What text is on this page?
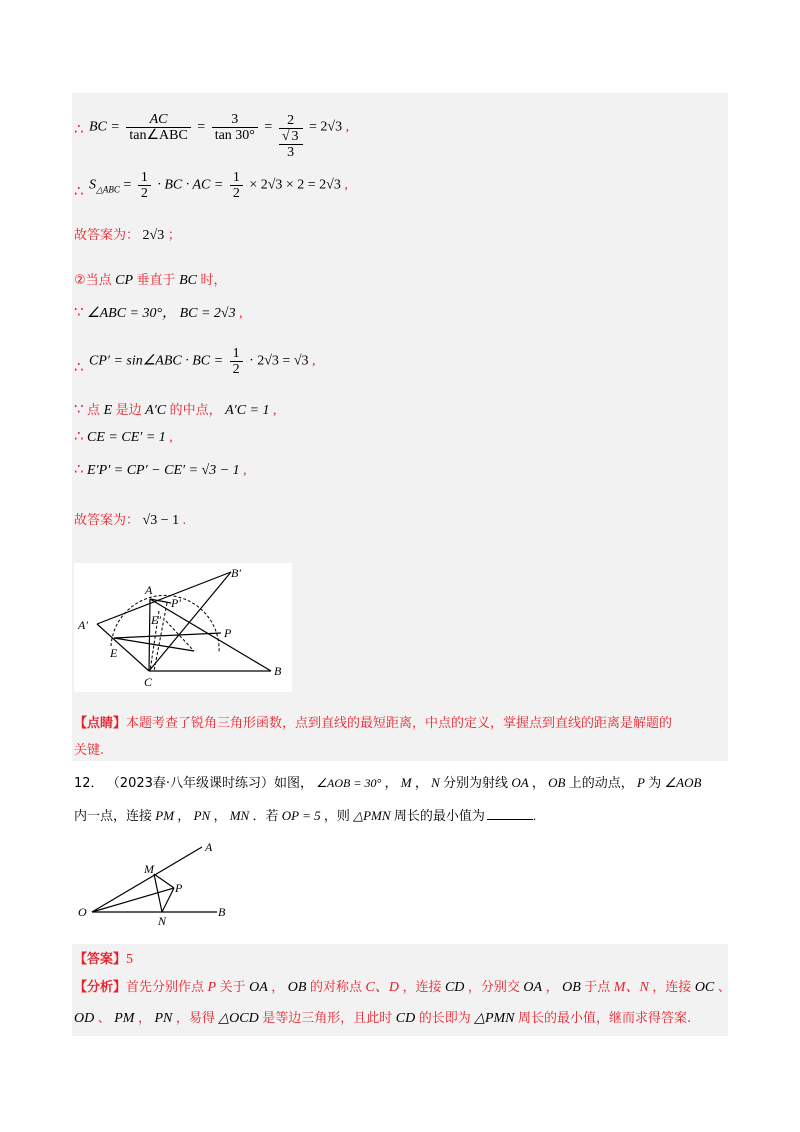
∴ BC = $\frac{AC}{\text{tan∠ABC}} = \frac{3}{\tan 30^\circ}$ =	2
√ 3
3
= 2√3 ,
∴ $S_{\triangle ABC} = \frac{1}{2}$ · BC · AC = $\frac{1}{2} \times 2√3 \times 2 = 2√3$ ,
故答案为： 2√3 ；
②当点 CP 垂直于 BC 时，
∵ ∠ABC = 30°， BC = 2√3 ,
∴ CP′ = sin∠ABC · BC = $\frac{1}{2} \cdot 2√3 = √3$ ,
∵ 点 E 是边 A′C 的中点， A′C = 1 ,
∴ CE = CE′ = 1 ,
∴ E′P′ = CP′ − CE′ = √3 − 1 ,
故答案为： √3 − 1 .
A
B′
A′
P′
E′
P
E
C
B
【点睛】本题考查了锐角三角形函数，点到直线的最短距离，中点的定义，掌握点到直线的距离是解题的
关键.
12． （2023春·八年级课时练习）如图， ∠AOB = 30° ， M ， N 分别为射线 OA ， OB 上的动点， P 为 ∠AOB
内一点，连接 PM ， PN ， MN ．若 OP = 5 ，则 △PMN 周长的最小值为	.
A
M
P
O
N
B
【答案】5
【分析】首先分别作点 P 关于 OA ， OB 的对称点 C、D ，连接 CD ，分别交 OA ， OB 于点 M、N ，连接 OC 、
OD 、 PM ， PN ，易得 △OCD 是等边三角形，且此时 CD 的长即为 △PMN 周长的最小值，继而求得答案.
